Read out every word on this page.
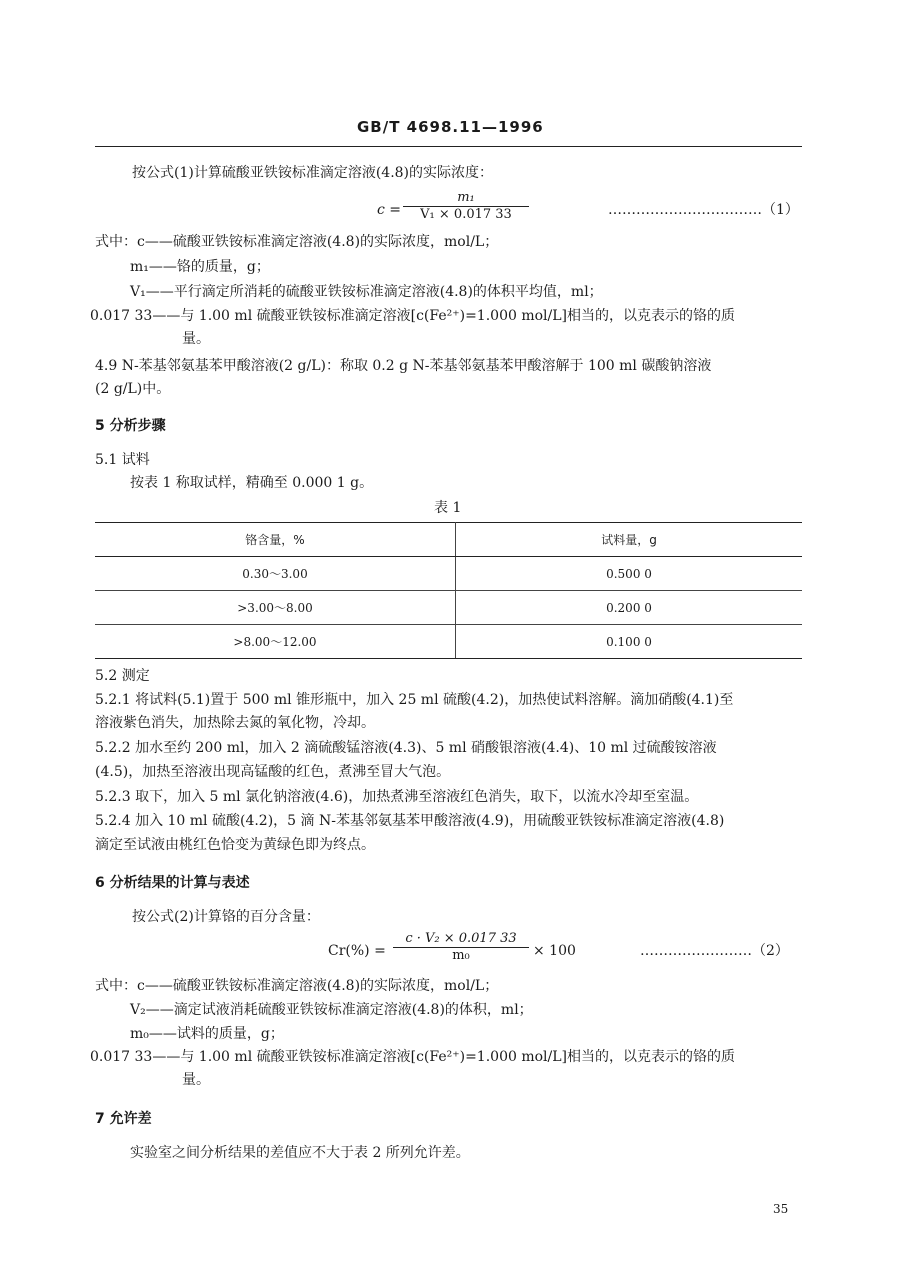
GB/T 4698.11—1996
按公式(1)计算硫酸亚铁铵标准滴定溶液(4.8)的实际浓度：
c =
m₁
V₁ × 0.017 33	……………………………（1）
式中：c——硫酸亚铁铵标准滴定溶液(4.8)的实际浓度，mol/L；
m₁——铬的质量，g；
V₁——平行滴定所消耗的硫酸亚铁铵标准滴定溶液(4.8)的体积平均值，ml；
0.017 33——与 1.00 ml 硫酸亚铁铵标准滴定溶液[c(Fe²⁺)=1.000 mol/L]相当的，以克表示的铬的质
量。
4.9 N-苯基邻氨基苯甲酸溶液(2 g/L)：称取 0.2 g N-苯基邻氨基苯甲酸溶解于 100 ml 碳酸钠溶液
(2 g/L)中。
5 分析步骤
5.1 试料
按表 1 称取试样，精确至 0.000 1 g。
表 1
铬含量，%	试料量，g
0.30～3.00	0.500 0
>3.00～8.00	0.200 0
>8.00～12.00	0.100 0
5.2 测定
5.2.1 将试料(5.1)置于 500 ml 锥形瓶中，加入 25 ml 硫酸(4.2)，加热使试料溶解。滴加硝酸(4.1)至
溶液紫色消失，加热除去氮的氧化物，冷却。
5.2.2 加水至约 200 ml，加入 2 滴硫酸锰溶液(4.3)、5 ml 硝酸银溶液(4.4)、10 ml 过硫酸铵溶液
(4.5)，加热至溶液出现高锰酸的红色，煮沸至冒大气泡。
5.2.3 取下，加入 5 ml 氯化钠溶液(4.6)，加热煮沸至溶液红色消失，取下，以流水冷却至室温。
5.2.4 加入 10 ml 硫酸(4.2)，5 滴 N-苯基邻氨基苯甲酸溶液(4.9)，用硫酸亚铁铵标准滴定溶液(4.8)
滴定至试液由桃红色恰变为黄绿色即为终点。
6 分析结果的计算与表述
按公式(2)计算铬的百分含量：
Cr(%) =
c · V₂ × 0.017 33
m₀	× 100	……………………（2）
式中：c——硫酸亚铁铵标准滴定溶液(4.8)的实际浓度，mol/L；
V₂——滴定试液消耗硫酸亚铁铵标准滴定溶液(4.8)的体积，ml；
m₀——试料的质量，g；
0.017 33——与 1.00 ml 硫酸亚铁铵标准滴定溶液[c(Fe²⁺)=1.000 mol/L]相当的，以克表示的铬的质
量。
7 允许差
实验室之间分析结果的差值应不大于表 2 所列允许差。
35
